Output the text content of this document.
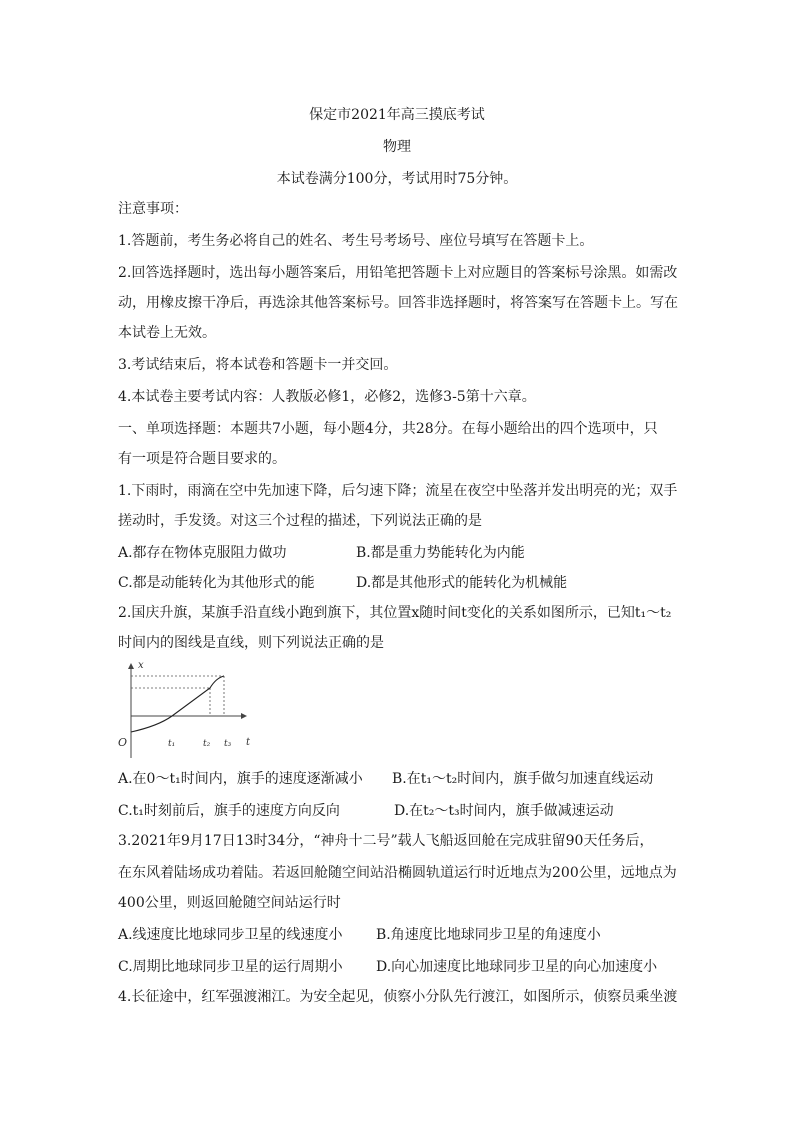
保定市2021年高三摸底考试
物理
本试卷满分100分，考试用时75分钟。
注意事项：
1.答题前，考生务必将自己的姓名、考生号考场号、座位号填写在答题卡上。
2.回答选择题时，选出每小题答案后，用铅笔把答题卡上对应题目的答案标号涂黑。如需改
动，用橡皮擦干净后，再选涂其他答案标号。回答非选择题时，将答案写在答题卡上。写在
本试卷上无效。
3.考试结束后，将本试卷和答题卡一并交回。
4.本试卷主要考试内容：人教版必修1，必修2，选修3-5第十六章。
一、单项选择题：本题共7小题，每小题4分，共28分。在每小题给出的四个选项中，只
有一项是符合题目要求的。
1.下雨时，雨滴在空中先加速下降，后匀速下降；流星在夜空中坠落并发出明亮的光；双手
搓动时，手发烫。对这三个过程的描述，下列说法正确的是
A.都存在物体克服阻力做功	B.都是重力势能转化为内能
C.都是动能转化为其他形式的能	D.都是其他形式的能转化为机械能
2.国庆升旗，某旗手沿直线小跑到旗下，其位置x随时间t变化的关系如图所示，已知t₁～t₂
时间内的图线是直线，则下列说法正确的是
x
t
O	t₁	t₂ t₃
A.在0～t₁时间内，旗手的速度逐渐减小 B.在t₁～t₂时间内，旗手做匀加速直线运动
C.t₁时刻前后，旗手的速度方向反向	D.在t₂～t₃时间内，旗手做减速运动
3.2021年9月17日13时34分，“神舟十二号”载人飞船返回舱在完成驻留90天任务后，
在东风着陆场成功着陆。若返回舱随空间站沿椭圆轨道运行时近地点为200公里，远地点为
400公里，则返回舱随空间站运行时
A.线速度比地球同步卫星的线速度小 B.角速度比地球同步卫星的角速度小
C.周期比地球同步卫星的运行周期小 D.向心加速度比地球同步卫星的向心加速度小
4.长征途中，红军强渡湘江。为安全起见，侦察小分队先行渡江，如图所示，侦察员乘坐渡
